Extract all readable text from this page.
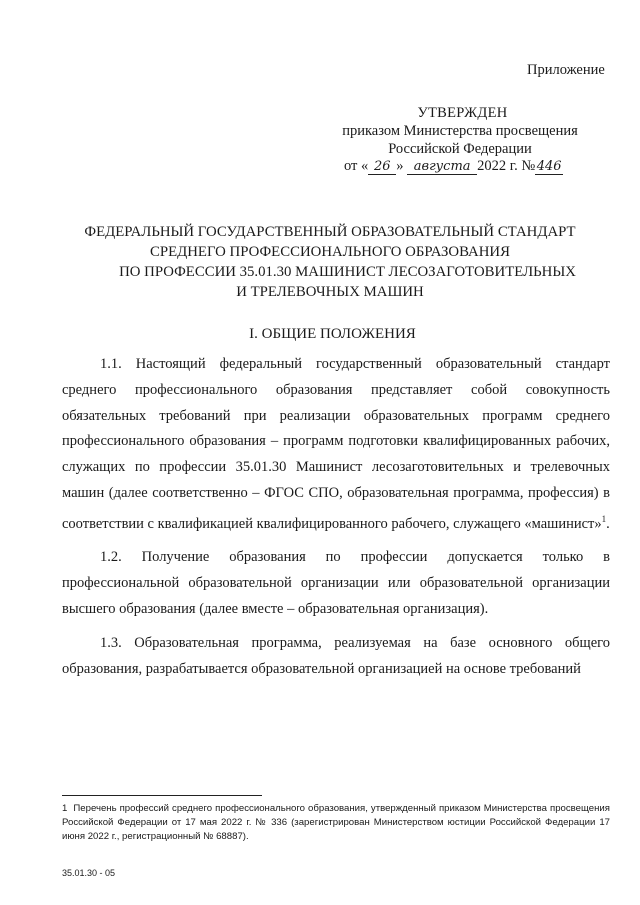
Приложение
УТВЕРЖДЕН
приказом Министерства просвещения
Российской Федерации
от « 26 » августа 2022 г. № 446
ФЕДЕРАЛЬНЫЙ ГОСУДАРСТВЕННЫЙ ОБРАЗОВАТЕЛЬНЫЙ СТАНДАРТ
СРЕДНЕГО ПРОФЕССИОНАЛЬНОГО ОБРАЗОВАНИЯ
ПО ПРОФЕССИИ 35.01.30 МАШИНИСТ ЛЕСОЗАГОТОВИТЕЛЬНЫХ
И ТРЕЛЕВОЧНЫХ МАШИН
I. ОБЩИЕ ПОЛОЖЕНИЯ

1.1. Настоящий федеральный государственный образовательный стандарт среднего профессионального образования представляет собой совокупность обязательных требований при реализации образовательных программ среднего профессионального образования – программ подготовки квалифицированных рабочих, служащих по профессии 35.01.30 Машинист лесозаготовительных и трелевочных машин (далее соответственно – ФГОС СПО, образовательная программа, профессия) в соответствии с квалификацией квалифицированного рабочего, служащего «машинист»$^1$.

1.2. Получение образования по профессии допускается только в профессиональной образовательной организации или образовательной организации высшего образования (далее вместе – образовательная организация).

1.3. Образовательная программа, реализуемая на базе основного общего образования, разрабатывается образовательной организацией на основе требований

1 Перечень профессий среднего профессионального образования, утвержденный приказом Министерства просвещения Российской Федерации от 17 мая 2022 г. № 336 (зарегистрирован Министерством юстиции Российской Федерации 17 июня 2022 г., регистрационный № 68887).
35.01.30 - 05
